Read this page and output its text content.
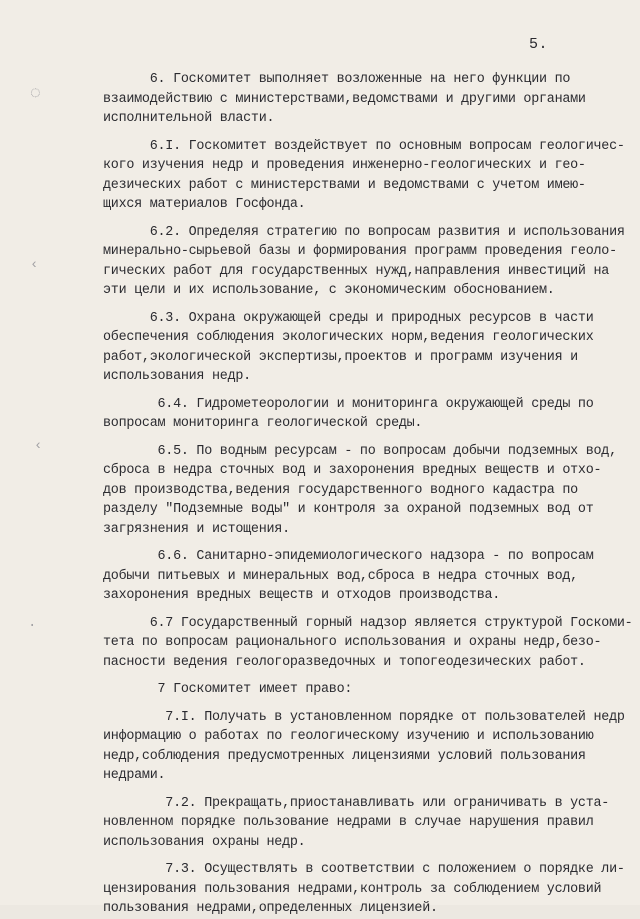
◌
‹
‹
·
5.
6. Госкомитет выполняет возложенные на него функции по
взаимодействию с министерствами,ведомствами и другими органами
исполнительной власти.
6.I. Госкомитет воздействует по основным вопросам геологичес-
кого изучения недр и проведения инженерно-геологических и гео-
дезических работ с министерствами и ведомствами с учетом имею-
щихся материалов Госфонда.
6.2. Определяя стратегию по вопросам развития и использования
минерально-сырьевой базы и формирования программ проведения геоло-
гических работ для государственных нужд,направления инвестиций на
эти цели и их использование, с экономическим обоснованием.
6.3. Охрана окружающей среды и природных ресурсов в части
обеспечения соблюдения экологических норм,ведения геологических
работ,экологической экспертизы,проектов и программ изучения и
использования недр.
6.4. Гидрометеорологии и мониторинга окружающей среды по
вопросам мониторинга геологической среды.
6.5. По водным ресурсам - по вопросам добычи подземных вод,
сброса в недра сточных вод и захоронения вредных веществ и отхо-
дов производства,ведения государственного водного кадастра по
разделу "Подземные воды" и контроля за охраной подземных вод от
загрязнения и истощения.
6.6. Санитарно-эпидемиологического надзора - по вопросам
добычи питьевых и минеральных вод,сброса в недра сточных вод,
захоронения вредных веществ и отходов производства.
6.7 Государственный горный надзор является структурой Госкоми-
тета по вопросам рационального использования и охраны недр,безо-
пасности ведения геологоразведочных и топогеодезических работ.
7 Госкомитет имеет право:
7.I. Получать в установленном порядке от пользователей недр
информацию о работах по геологическому изучению и использованию
недр,соблюдения предусмотренных лицензиями условий пользования
недрами.
7.2. Прекращать,приостанавливать или ограничивать в уста-
новленном порядке пользование недрами в случае нарушения правил
использования охраны недр.
7.3. Осуществлять в соответствии с положением о порядке ли-
цензирования пользования недрами,контроль за соблюдением условий
пользования недрами,определенных лицензией.
